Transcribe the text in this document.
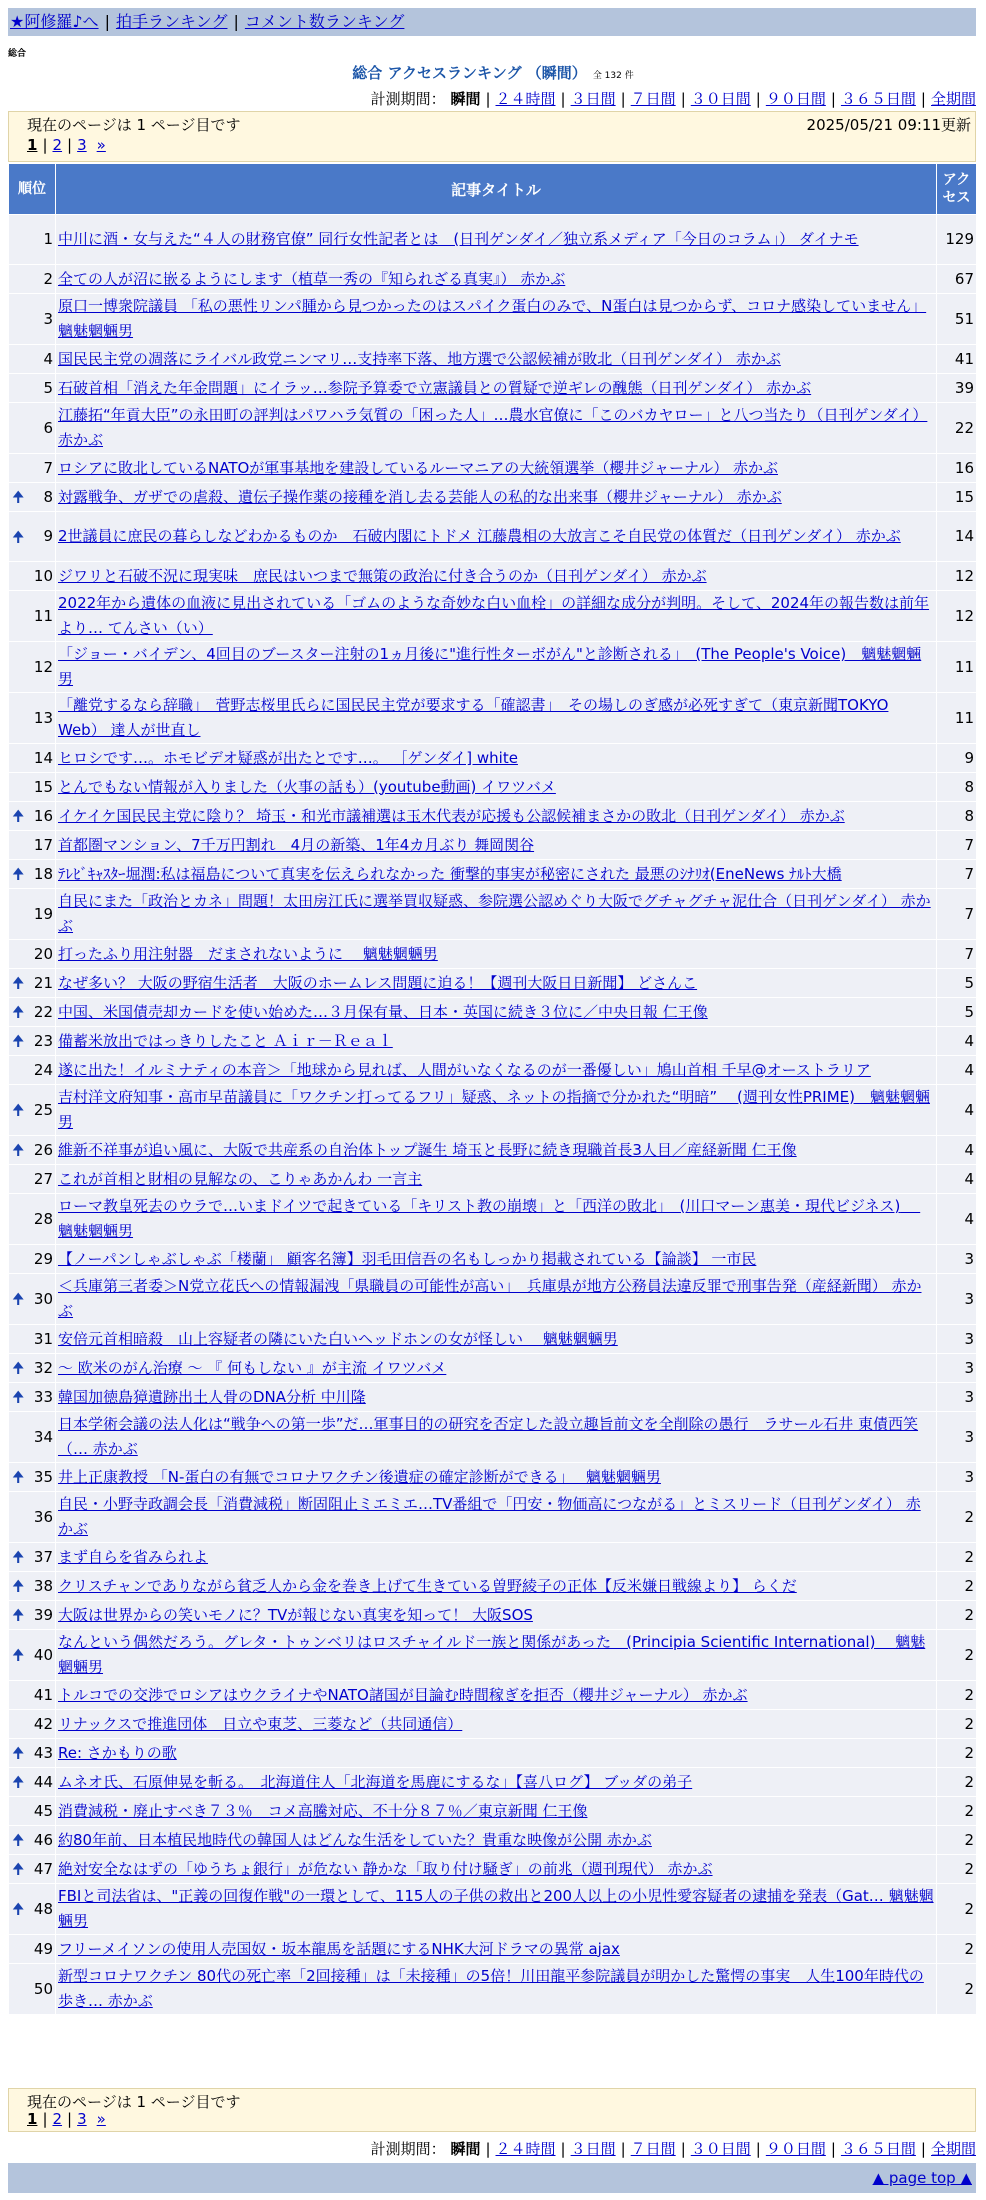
★阿修羅♪へ | 拍手ランキング | コメント数ランキング
総合
総合 アクセスランキング （瞬間） 全 132 件
計測期間： 瞬間 | ２４時間 | ３日間 | ７日間 | ３０日間 | ９０日間 | ３６５日間 | 全期間
現在のページは 1 ページ目です	2025/05/21 09:11更新
1 | 2 | 3 »
順位	記事タイトル	アクセス
1	中川に酒・女与えた“４人の財務官僚” 同行女性記者とは　(日刊ゲンダイ／独立系メディア「今日のコラム」） ダイナモ	129
2	全ての人が沼に嵌るようにします（植草一秀の『知られざる真実』） 赤かぶ	67
3	原口一博衆院議員 「私の悪性リンパ腫から見つかったのはスパイク蛋白のみで、N蛋白は見つからず、コロナ感染していません」 魑魅魍魎男	51
4	国民民主党の凋落にライバル政党ニンマリ…支持率下落、地方選で公認候補が敗北（日刊ゲンダイ） 赤かぶ	41
5	石破首相「消えた年金問題」にイラッ…参院予算委で立憲議員との質疑で逆ギレの醜態（日刊ゲンダイ） 赤かぶ	39
6	江藤拓“年貢大臣”の永田町の評判はパワハラ気質の「困った人」…農水官僚に「このバカヤロー」と八つ当たり（日刊ゲンダイ） 赤かぶ	22
7	ロシアに敗北しているNATOが軍事基地を建設しているルーマニアの大統領選挙（櫻井ジャーナル） 赤かぶ	16

🠉 8	対露戦争、ガザでの虐殺、遺伝子操作薬の接種を消し去る芸能人の私的な出来事（櫻井ジャーナル） 赤かぶ	15

🠉 9	2世議員に庶民の暮らしなどわかるものか　石破内閣にトドメ 江藤農相の大放言こそ自民党の体質だ（日刊ゲンダイ） 赤かぶ	14
10	ジワリと石破不況に現実味　庶民はいつまで無策の政治に付き合うのか（日刊ゲンダイ） 赤かぶ	12
11	2022年から遺体の血液に見出されている「ゴムのような奇妙な白い血栓」の詳細な成分が判明。そして、2024年の報告数は前年より… てんさい（い）	12
12	「ジョー・バイデン、4回目のブースター注射の1ヵ月後に"進行性ターボがん"と診断される」　(The People's Voice)　魑魅魍魎男	11
13	「離党するなら辞職」　菅野志桜里氏らに国民民主党が要求する「確認書」　その場しのぎ感が必死すぎて（東京新聞TOKYO Web） 達人が世直し	11
14	ヒロシです…。ホモビデオ疑惑が出たとです…。 ［ゲンダイ] white	9
15	とんでもない情報が入りました（火事の話も）(youtube動画) イワツバメ	8

🠉 16	イケイケ国民民主党に陰り？ 埼玉・和光市議補選は玉木代表が応援も公認候補まさかの敗北（日刊ゲンダイ） 赤かぶ	8
17	首都圏マンション、7千万円割れ　4月の新築、1年4カ月ぶり 舞岡関谷	7

🠉 18	ﾃﾚﾋﾞｷｬｽﾀｰ堀潤:私は福島について真実を伝えられなかった 衝撃的事実が秘密にされた 最悪のｼﾅﾘｵ(EneNews ﾅﾙﾄ大橋	7
19	自民にまた「政治とカネ」問題！太田房江氏に選挙買収疑惑、参院選公認めぐり大阪でグチャグチャ泥仕合（日刊ゲンダイ） 赤かぶ	7
20	打ったふり用注射器　だまされないように　 魑魅魍魎男	7

🠉 21	なぜ多い？ 大阪の野宿生活者　大阪のホームレス問題に迫る！【週刊大阪日日新聞】 どさんこ	5

🠉 22	中国、米国債売却カードを使い始めた…３月保有量、日本・英国に続き３位に／中央日報 仁王像	5

🠉 23	備蓄米放出ではっきりしたこと Ａｉｒ－Ｒｅａｌ	4
24	遂に出た！イルミナティの本音＞「地球から見れば、人間がいなくなるのが一番優しい」鳩山首相 千早@オーストラリア	4

🠉 25	吉村洋文府知事・高市早苗議員に「ワクチン打ってるフリ」疑惑、ネットの指摘で分かれた“明暗” 　(週刊女性PRIME)　魑魅魍魎男	4

🠉 26	維新不祥事が追い風に、大阪で共産系の自治体トップ誕生 埼玉と長野に続き現職首長3人目／産経新聞 仁王像	4
27	これが首相と財相の見解なの、こりゃあかんわ 一言主	4
28	ローマ教皇死去のウラで…いまドイツで起きている「キリスト教の崩壊」と「西洋の敗北」　(川口マーン惠美・現代ビジネス)　 魑魅魍魎男	4
29	【ノーパンしゃぶしゃぶ「楼蘭」 顧客名簿】羽毛田信吾の名もしっかり掲載されている【論談】 一市民	3

🠉 30	＜兵庫第三者委＞N党立花氏への情報漏洩「県職員の可能性が高い」　兵庫県が地方公務員法違反罪で刑事告発（産経新聞） 赤かぶ	3
31	安倍元首相暗殺　山上容疑者の隣にいた白いヘッドホンの女が怪しい　 魑魅魍魎男	3

🠉 32	～ 欧米のがん治療 ～ 『 何もしない 』が主流 イワツバメ	3

🠉 33	韓国加徳島獐遺跡出土人骨のDNA分析 中川隆	3
34	日本学術会議の法人化は“戦争への第一歩”だ…軍事目的の研究を否定した設立趣旨前文を全削除の愚行　ラサール石井 東債西笑（… 赤かぶ	3

🠉 35	井上正康教授 「N-蛋白の有無でコロナワクチン後遺症の確定診断ができる」　 魑魅魍魎男	3
36	自民・小野寺政調会長「消費減税」断固阻止ミエミエ…TV番組で「円安・物価高につながる」とミスリード（日刊ゲンダイ） 赤かぶ	2

🠉 37	まず自らを省みられよ	2

🠉 38	クリスチャンでありながら貧乏人から金を巻き上げて生きている曽野綾子の正体【反米嫌日戦線より】 らくだ	2

🠉 39	大阪は世界からの笑いモノに？TVが報じない真実を知って！ 大阪SOS	2

🠉 40	なんという偶然だろう。グレタ・トゥンベリはロスチャイルド一族と関係があった　(Principia Scientific International)　 魑魅魍魎男	2
41	トルコでの交渉でロシアはウクライナやNATO諸国が目論む時間稼ぎを拒否（櫻井ジャーナル） 赤かぶ	2
42	リナックスで推進団体　日立や東芝、三菱など（共同通信）	2

🠉 43	Re: さかもりの歌	2

🠉 44	ムネオ氏、石原伸晃を斬る。　北海道住人「北海道を馬鹿にするな」【喜八ログ】 ブッダの弟子	2
45	消費減税・廃止すべき７３％　コメ高騰対応、不十分８７％／東京新聞 仁王像	2

🠉 46	約80年前、日本植民地時代の韓国人はどんな生活をしていた？貴重な映像が公開 赤かぶ	2

🠉 47	絶対安全なはずの「ゆうちょ銀行」が危ない 静かな「取り付け騒ぎ」の前兆（週刊現代） 赤かぶ	2

🠉 48	FBIと司法省は、"正義の回復作戦"の一環として、115人の子供の救出と200人以上の小児性愛容疑者の逮捕を発表（Gat… 魑魅魍魎男	2
49	フリーメイソンの使用人売国奴・坂本龍馬を話題にするNHK大河ドラマの異常 ajax	2
50	新型コロナワクチン 80代の死亡率「2回接種」は「未接種」の5倍！川田龍平参院議員が明かした驚愕の事実　人生100年時代の歩き… 赤かぶ	2
現在のページは 1 ページ目です
1 | 2 | 3 »
計測期間： 瞬間 | ２４時間 | ３日間 | ７日間 | ３０日間 | ９０日間 | ３６５日間 | 全期間
▲ page top ▲
